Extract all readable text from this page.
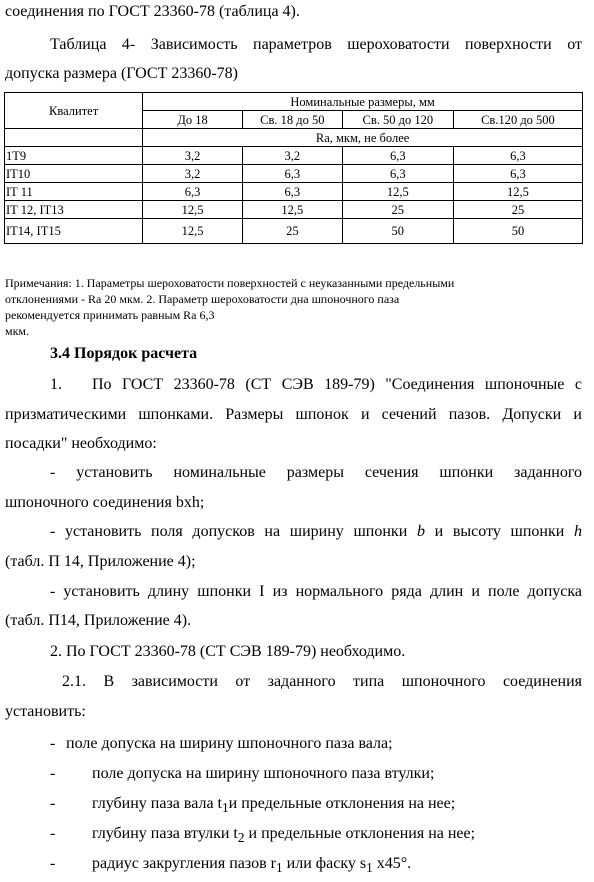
соединения по ГОСТ 23360-78 (таблица 4).
Таблица 4- Зависимость параметров шероховатости поверхности от
допуска размера (ГОСТ 23360-78)
Квалитет	Номинальные размеры, мм			
	До 18	Св. 18 до 50	Св. 50 до 120	Св.120 до 500
	Ra, мкм, не более			
1T9	3,2	3,2	6,3	6,3
IT10	3,2	6,3	6,3	6,3
IT 11	6,3	6,3	12,5	12,5
IT 12, IT13	12,5	12,5	25	25
IT14, IT15	12,5	25	50	50
Примечания: 1. Параметры шероховатости поверхностей с неуказанными предельными
отклонениями - Ra 20 мкм. 2. Параметр шероховатости дна шпоночного паза
рекомендуется принимать равным Ra 6,3
мкм.
3.4 Порядок расчета
1. По ГОСТ 23360-78 (СТ СЭВ 189-79) "Соединения шпоночные с
призматическими шпонками. Размеры шпонок и сечений пазов. Допуски и
посадки" необходимо:
- установить номинальные размеры сечения шпонки заданного
шпоночного соединения bxh;
- установить поля допусков на ширину шпонки b и высоту шпонки h
(табл. П 14, Приложение 4);
- установить длину шпонки I из нормального ряда длин и поле допуска
(табл. П14, Приложение 4).
2. По ГОСТ 23360-78 (СТ СЭВ 189-79) необходимо.
2.1. В зависимости от заданного типа шпоночного соединения
установить:
- поле допуска на ширину шпоночного паза вала;
- поле допуска на ширину шпоночного паза втулки;
- глубину паза вала $t_1и$ предельные отклонения на нее;
- глубину паза втулки $t_2$ и предельные отклонения на нее;
- радиус закругления пазов $r_1$ или фаску $s_1$ x45°.
